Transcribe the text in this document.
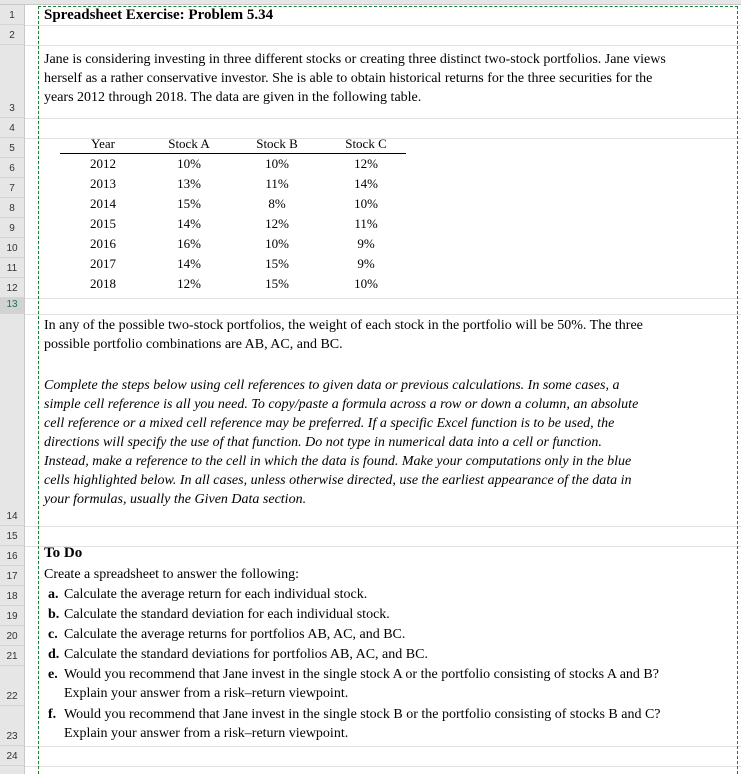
1
2
3
4
5
6
7
8
9
10
11
12
13
14
15
16
17
18
19
20
21
22
23
24
Spreadsheet Exercise: Problem 5.34
Jane is considering investing in three different stocks or creating three distinct two-stock portfolios. Jane views
herself as a rather conservative investor. She is able to obtain historical returns for the three securities for the
years 2012 through 2018. The data are given in the following table.
Year	Stock A	Stock B	Stock C
2012	10%	10%	12%
2013	13%	11%	14%
2014	15%	8%	10%
2015	14%	12%	11%
2016	16%	10%	9%
2017	14%	15%	9%
2018	12%	15%	10%
In any of the possible two-stock portfolios, the weight of each stock in the portfolio will be 50%. The three
possible portfolio combinations are AB, AC, and BC.
Complete the steps below using cell references to given data or previous calculations. In some cases, a
simple cell reference is all you need. To copy/paste a formula across a row or down a column, an absolute
cell reference or a mixed cell reference may be preferred. If a specific Excel function is to be used, the
directions will specify the use of that function. Do not type in numerical data into a cell or function.
Instead, make a reference to the cell in which the data is found. Make your computations only in the blue
cells highlighted below. In all cases, unless otherwise directed, use the earliest appearance of the data in
your formulas, usually the Given Data section.
To Do
Create a spreadsheet to answer the following:
a. Calculate the average return for each individual stock.
b. Calculate the standard deviation for each individual stock.
c. Calculate the average returns for portfolios AB, AC, and BC.
d. Calculate the standard deviations for portfolios AB, AC, and BC.
e. Would you recommend that Jane invest in the single stock A or the portfolio consisting of stocks A and B?
Explain your answer from a risk–return viewpoint.
f. Would you recommend that Jane invest in the single stock B or the portfolio consisting of stocks B and C?
Explain your answer from a risk–return viewpoint.
